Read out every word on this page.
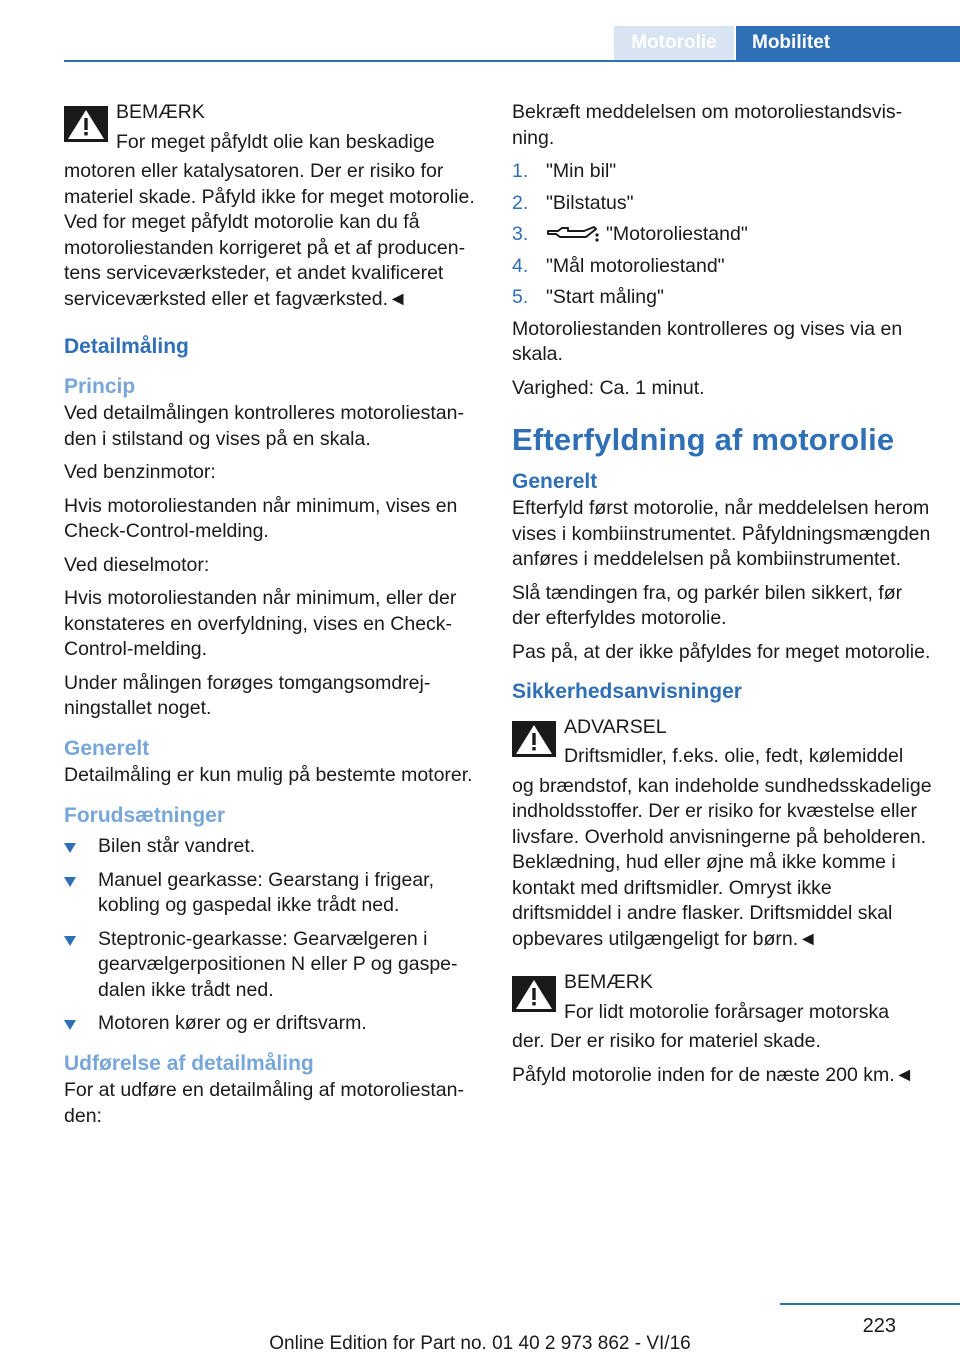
Motorolie	Mobilitet
BEMÆRK
For meget påfyldt olie kan beskadige

motoren eller katalysatoren. Der er risiko for materiel skade. Påfyld ikke for meget motorolie. Ved for meget påfyldt motorolie kan du få motoroliestanden korrigeret på et af producentens serviceværksteder, et andet kvalificeret serviceværksted eller et fagværksted.◄

Detailmåling
Princip

Ved detailmålingen kontrolleres motoroliestanden i stilstand og vises på en skala.

Ved benzinmotor:

Hvis motoroliestanden når minimum, vises en Check-Control-melding.

Ved dieselmotor:

Hvis motoroliestanden når minimum, eller der konstateres en overfyldning, vises en Check-Control-melding.

Under målingen forøges tomgangsomdrejningstallet noget.

Generelt

Detailmåling er kun mulig på bestemte motorer.

Forudsætninger
Bilen står vandret.
Manuel gearkasse: Gearstang i frigear, kobling og gaspedal ikke trådt ned.
Steptronic-gearkasse: Gearvælgeren i gearvælgerpositionen N eller P og gaspedalen ikke trådt ned.
Motoren kører og er driftsvarm.
Udførelse af detailmåling

For at udføre en detailmåling af motoroliestanden:

Bekræft meddelelsen om motoroliestandsvisning.

1. "Min bil"
2. "Bilstatus"
3.	"Motoroliestand"
4. "Mål motoroliestand"
5. "Start måling"

Motoroliestanden kontrolleres og vises via en skala.

Varighed: Ca. 1 minut.

Efterfyldning af motorolie
Generelt

Efterfyld først motorolie, når meddelelsen herom vises i kombiinstrumentet. Påfyldningsmængden anføres i meddelelsen på kombiinstrumentet.

Slå tændingen fra, og parkér bilen sikkert, før der efterfyldes motorolie.

Pas på, at der ikke påfyldes for meget motorolie.

Sikkerhedsanvisninger
ADVARSEL
Driftsmidler, f.eks. olie, fedt, kølemiddel

og brændstof, kan indeholde sundhedsskadelige indholdsstoffer. Der er risiko for kvæstelse eller livsfare. Overhold anvisningerne på beholderen. Beklædning, hud eller øjne må ikke komme i kontakt med driftsmidler. Omryst ikke driftsmiddel i andre flasker. Driftsmiddel skal opbevares utilgængeligt for børn.◄

BEMÆRK
For lidt motorolie forårsager motorska

der. Der er risiko for materiel skade.

Påfyld motorolie inden for de næste 200 km.◄

223
Online Edition for Part no. 01 40 2 973 862 - VI/16
